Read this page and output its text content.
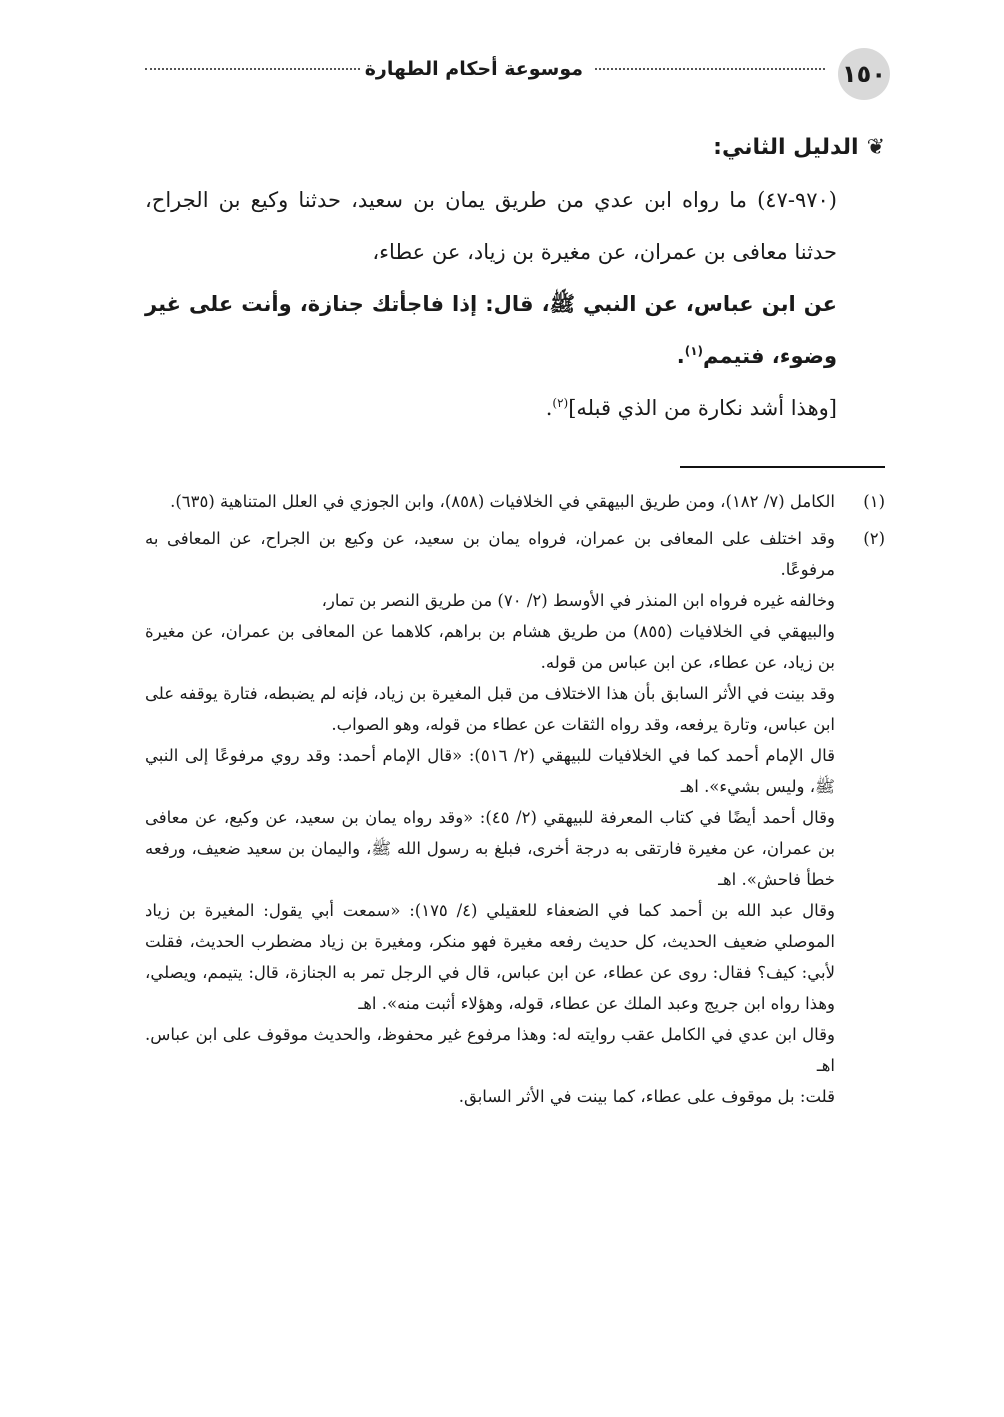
١٥٠
موسوعة أحكام الطهارة

❦الدليل الثاني:

(٩٧٠-٤٧) ما رواه ابن عدي من طريق يمان بن سعيد، حدثنا وكيع بن الجراح، حدثنا معافى بن عمران، عن مغيرة بن زياد، عن عطاء،

عن ابن عباس، عن النبي ﷺ، قال: إذا فاجأتك جنازة، وأنت على غير وضوء، فتيمم$^{(١)}$.

[وهذا أشد نكارة من الذي قبله]$^{(٢)}$.

(١)

الكامل (٧/ ١٨٢)، ومن طريق البيهقي في الخلافيات (٨٥٨)، وابن الجوزي في العلل المتناهية (٦٣٥).

(٢)

وقد اختلف على المعافى بن عمران، فرواه يمان بن سعيد، عن وكيع بن الجراح، عن المعافى به مرفوعًا.

وخالفه غيره فرواه ابن المنذر في الأوسط (٢/ ٧٠) من طريق النصر بن تمار،

والبيهقي في الخلافيات (٨٥٥) من طريق هشام بن براهم، كلاهما عن المعافى بن عمران، عن مغيرة بن زياد، عن عطاء، عن ابن عباس من قوله.

وقد بينت في الأثر السابق بأن هذا الاختلاف من قبل المغيرة بن زياد، فإنه لم يضبطه، فتارة يوقفه على ابن عباس، وتارة يرفعه، وقد رواه الثقات عن عطاء من قوله، وهو الصواب.

قال الإمام أحمد كما في الخلافيات للبيهقي (٢/ ٥١٦): «قال الإمام أحمد: وقد روي مرفوعًا إلى النبي ﷺ، وليس بشيء». اهـ

وقال أحمد أيضًا في كتاب المعرفة للبيهقي (٢/ ٤٥): «وقد رواه يمان بن سعيد، عن وكيع، عن معافى بن عمران، عن مغيرة فارتقى به درجة أخرى، فبلغ به رسول الله ﷺ، واليمان بن سعيد ضعيف، ورفعه خطأ فاحش». اهـ

وقال عبد الله بن أحمد كما في الضعفاء للعقيلي (٤/ ١٧٥): «سمعت أبي يقول: المغيرة بن زياد الموصلي ضعيف الحديث، كل حديث رفعه مغيرة فهو منكر، ومغيرة بن زياد مضطرب الحديث، فقلت لأبي: كيف؟ فقال: روى عن عطاء، عن ابن عباس، قال في الرجل تمر به الجنازة، قال: يتيمم، ويصلي، وهذا رواه ابن جريج وعبد الملك عن عطاء، قوله، وهؤلاء أثبت منه». اهـ

وقال ابن عدي في الكامل عقب روايته له: وهذا مرفوع غير محفوظ، والحديث موقوف على ابن عباس. اهـ

قلت: بل موقوف على عطاء، كما بينت في الأثر السابق.
